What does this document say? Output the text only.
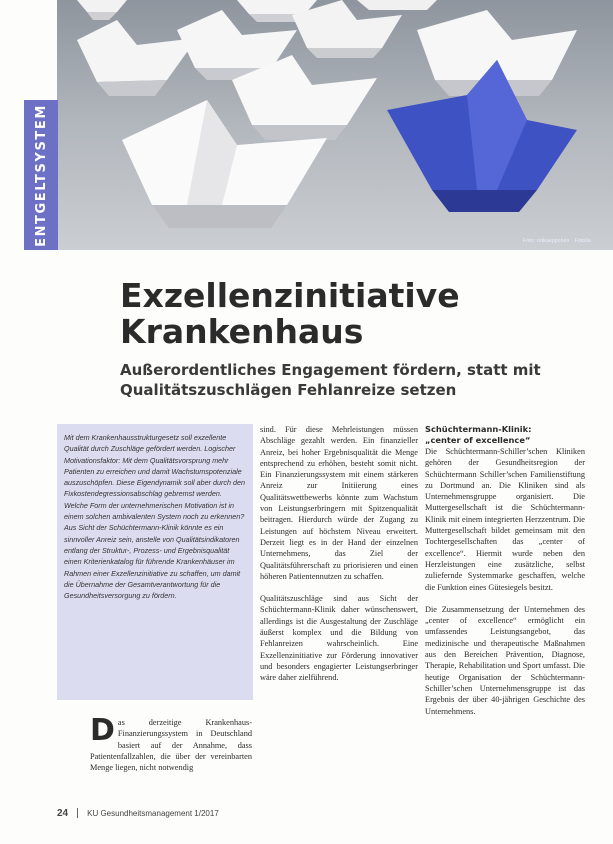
Foto: rotkaeppchen · Fotolia
ENTGELTSYSTEM
Exzellenzinitiative
Krankenhaus
Außerordentliches Engagement fördern, statt mit
Qualitätszuschlägen Fehlanreize setzen

Mit dem Krankenhausstrukturgesetz soll exzellente Qualität durch Zuschläge gefördert werden. Logischer Motivationsfaktor: Mit dem Qualitätsvorsprung mehr Patienten zu erreichen und damit Wachstumspotenziale auszuschöpfen. Diese Eigendynamik soll aber durch den Fixkostendegressionsabschlag gebremst werden. Welche Form der unternehmerischen Motivation ist in einem solchen ambivalenten System noch zu erkennen? Aus Sicht der Schüchtermann-Klinik könnte es ein sinnvoller Anreiz sein, anstelle von Qualitätsindikatoren entlang der Struktur-, Prozess- und Ergebnisqualität einen Kriterienkatalog für führende Krankenhäuser im Rahmen einer Exzellenzinitiative zu schaffen, um damit die Übernahme der Gesamtverantwortung für die Gesundheitsversorgung zu fördern.

Das derzeitige Krankenhaus-Finanzierungssystem in Deutschland basiert auf der Annahme, dass Patientenfallzahlen, die über der vereinbarten Menge liegen, nicht notwendig

sind. Für diese Mehrleistungen müssen Abschläge gezahlt werden. Ein finanzieller Anreiz, bei hoher Ergebnisqualität die Menge entsprechend zu erhöhen, besteht somit nicht. Ein Finanzierungssystem mit einem stärkeren Anreiz zur Initiierung eines Qualitätswettbewerbs könnte zum Wachstum von Leistungserbringern mit Spitzenqualität beitragen. Hierdurch würde der Zugang zu Leistungen auf höchstem Niveau erweitert. Derzeit liegt es in der Hand der einzelnen Unternehmens, das Ziel der Qualitätsführerschaft zu priorisieren und einen höheren Patientennutzen zu schaffen.

Qualitätszuschläge sind aus Sicht der Schüchtermann-Klinik daher wünschenswert, allerdings ist die Ausgestaltung der Zuschläge äußerst komplex und die Bildung von Fehlanreizen wahrscheinlich. Eine Exzellenzinitiative zur Förderung innovativer und besonders engagierter Leistungserbringer wäre daher zielführend.

Schüchtermann-Klinik:
„center of excellence“

Die Schüchtermann-Schiller’schen Kliniken gehören der Gesundheitsregion der Schüchtermann Schiller’schen Familienstiftung zu Dortmund an. Die Kliniken sind als Unternehmensgruppe organisiert. Die Muttergesellschaft ist die Schüchtermann-Klinik mit einem integrierten Herzzentrum. Die Muttergesellschaft bildet gemeinsam mit den Tochtergesellschaften das „center of excellence“. Hiermit wurde neben den Herzleistungen eine zusätzliche, selbst zuliefernde Systemmarke geschaffen, welche die Funktion eines Gütesiegels besitzt.

Die Zusammensetzung der Unternehmen des „center of excellence“ ermöglicht ein umfassendes Leistungsangebot, das medizinische und therapeutische Maßnahmen aus den Bereichen Prävention, Diagnose, Therapie, Rehabilitation und Sport umfasst. Die heutige Organisation der Schüchtermann-Schiller’schen Unternehmensgruppe ist das Ergebnis der über 40-jährigen Geschichte des Unternehmens.

24 KU Gesundheitsmanagement 1/2017
